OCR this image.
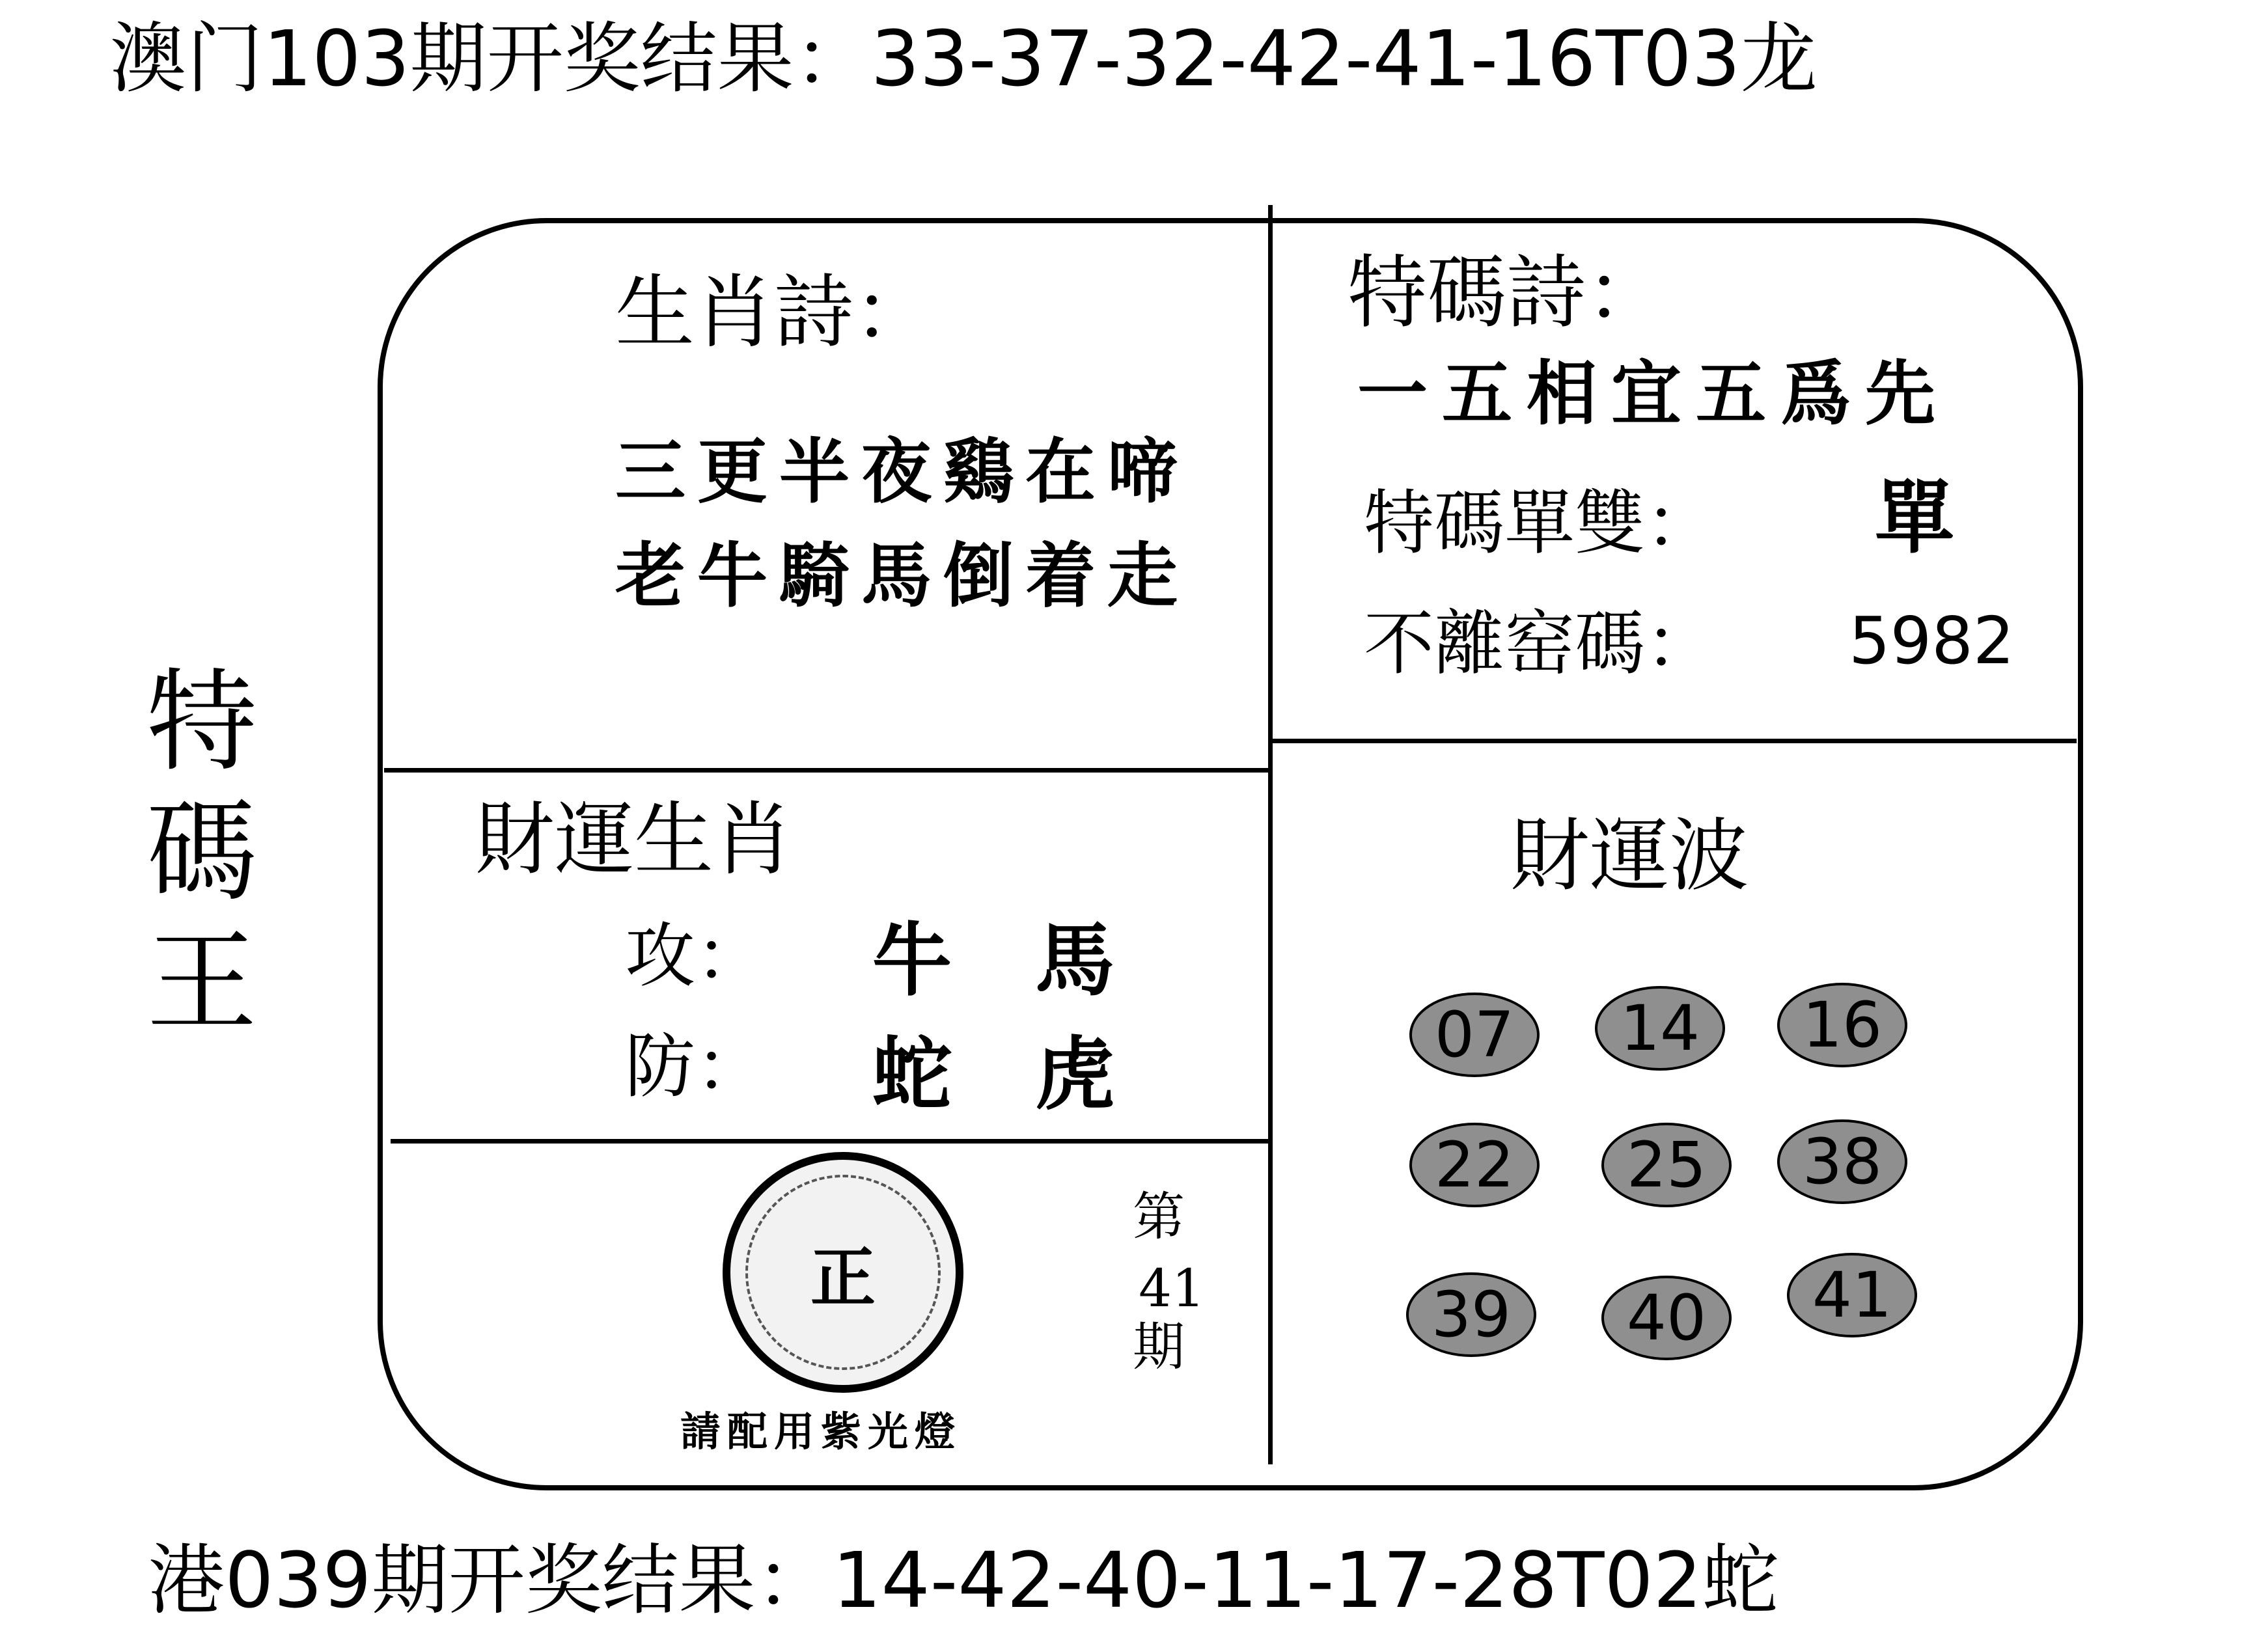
澳门103期开奖结果：33-37-32-42-41-16T03龙
特
碼
王
生肖詩：
三更半夜鷄在啼
老牛騎馬倒着走
特碼詩：
一五相宜五爲先
特碼單雙： 單
不離窑碼： 5982
財運生肖
攻： 牛 馬
防： 蛇 虎
財運波
07	14	16
22	25	38
39	40	41
正
請配用紫光燈
第
41
期
港039期开奖结果：14-42-40-11-17-28T02蛇
